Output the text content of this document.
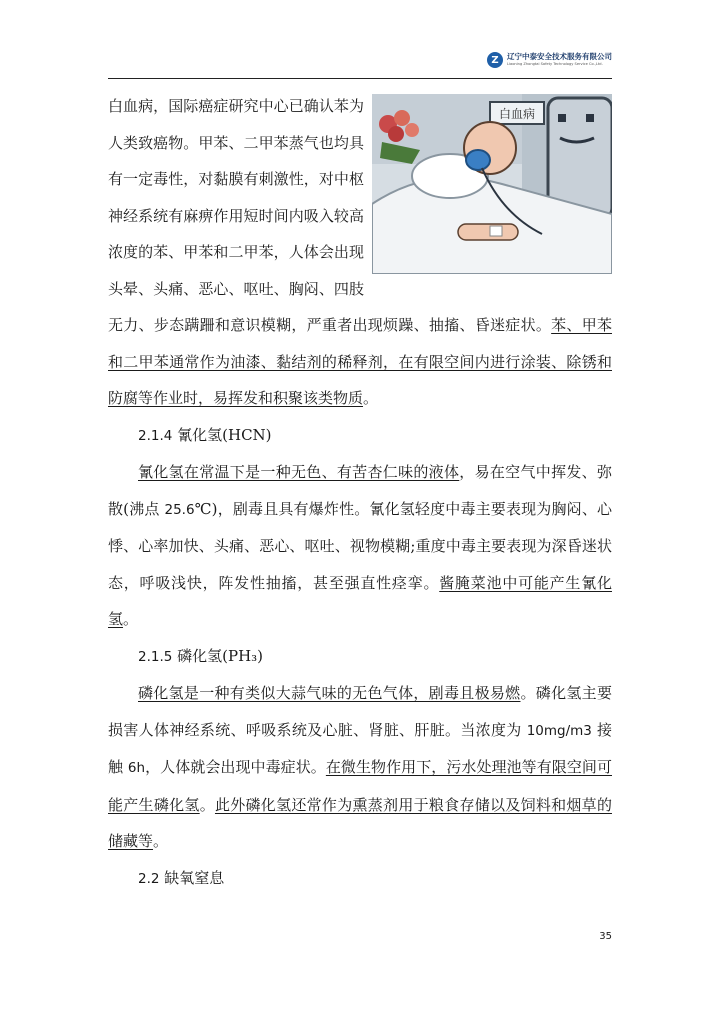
Z	辽宁中泰安全技术服务有限公司
Liaoning Zhongtai Safety Technology Service Co.,Ltd.
白血病

白血病，国际癌症研究中心已确认苯为人类致癌物。甲苯、二甲苯蒸气也均具有一定毒性，对黏膜有刺激性，对中枢神经系统有麻痹作用短时间内吸入较高浓度的苯、甲苯和二甲苯，人体会出现头晕、头痛、恶心、呕吐、胸闷、四肢无力、步态蹒跚和意识模糊，严重者出现烦躁、抽搐、昏迷症状。苯、甲苯和二甲苯通常作为油漆、黏结剂的稀释剂，在有限空间内进行涂装、除锈和防腐等作业时，易挥发和积聚该类物质。

2.1.4 氰化氢(HCN)

氰化氢在常温下是一种无色、有苦杏仁味的液体，易在空气中挥发、弥散(沸点 25.6℃)，剧毒且具有爆炸性。氰化氢轻度中毒主要表现为胸闷、心悸、心率加快、头痛、恶心、呕吐、视物模糊;重度中毒主要表现为深昏迷状态，呼吸浅快，阵发性抽搐，甚至强直性痉挛。酱腌菜池中可能产生氰化氢。

2.1.5 磷化氢(PH₃)

磷化氢是一种有类似大蒜气味的无色气体，剧毒且极易燃。磷化氢主要损害人体神经系统、呼吸系统及心脏、肾脏、肝脏。当浓度为 10mg/m3 接触 6h，人体就会出现中毒症状。在微生物作用下，污水处理池等有限空间可能产生磷化氢。此外磷化氢还常作为熏蒸剂用于粮食存储以及饲料和烟草的储藏等。

2.2 缺氧窒息

35
